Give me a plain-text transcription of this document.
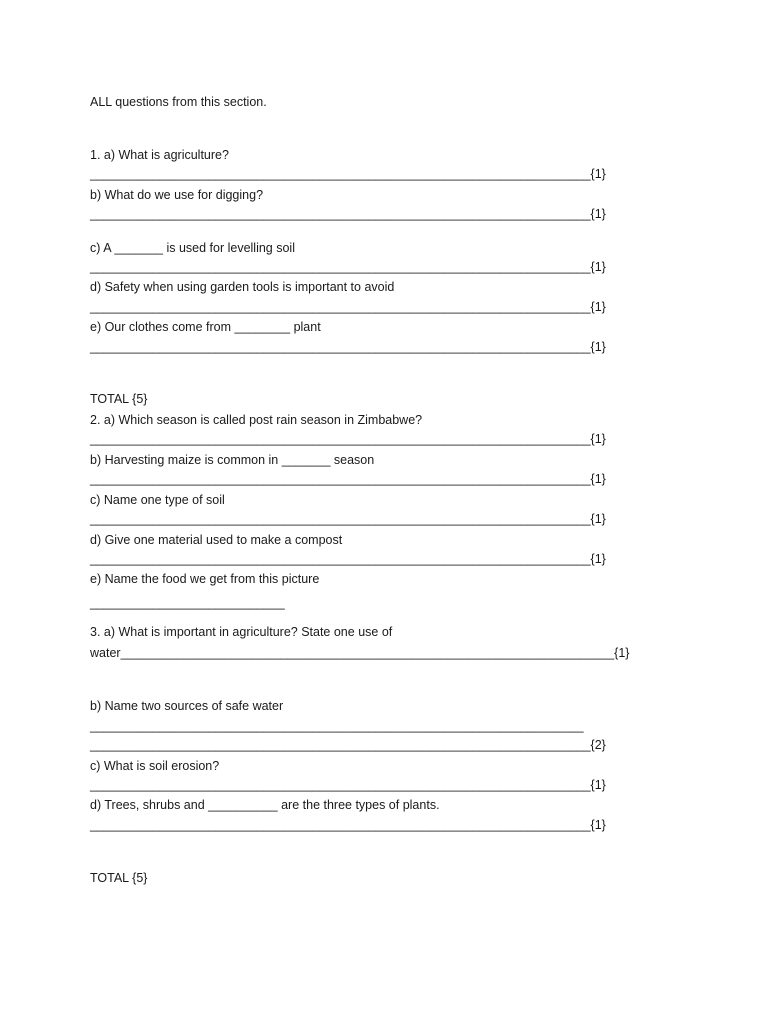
ALL questions from this section.
1. a) What is agriculture?
________________________________________________________________________{1}
b) What do we use for digging?
________________________________________________________________________{1}
c) A _______ is used for levelling soil
________________________________________________________________________{1}
d) Safety when using garden tools is important to avoid
________________________________________________________________________{1}
e) Our clothes come from ________ plant
________________________________________________________________________{1}
TOTAL {5}
2. a) Which season is called post rain season in Zimbabwe?
________________________________________________________________________{1}
b) Harvesting maize is common in _______ season
________________________________________________________________________{1}
c) Name one type of soil
________________________________________________________________________{1}
d) Give one material used to make a compost
________________________________________________________________________{1}
e) Name the food we get from this picture
____________________________
3. a) What is important in agriculture? State one use of
water_______________________________________________________________________{1}
b) Name two sources of safe water
_______________________________________________________________________
________________________________________________________________________{2}
c) What is soil erosion?
________________________________________________________________________{1}
d) Trees, shrubs and __________ are the three types of plants.
________________________________________________________________________{1}
TOTAL {5}
